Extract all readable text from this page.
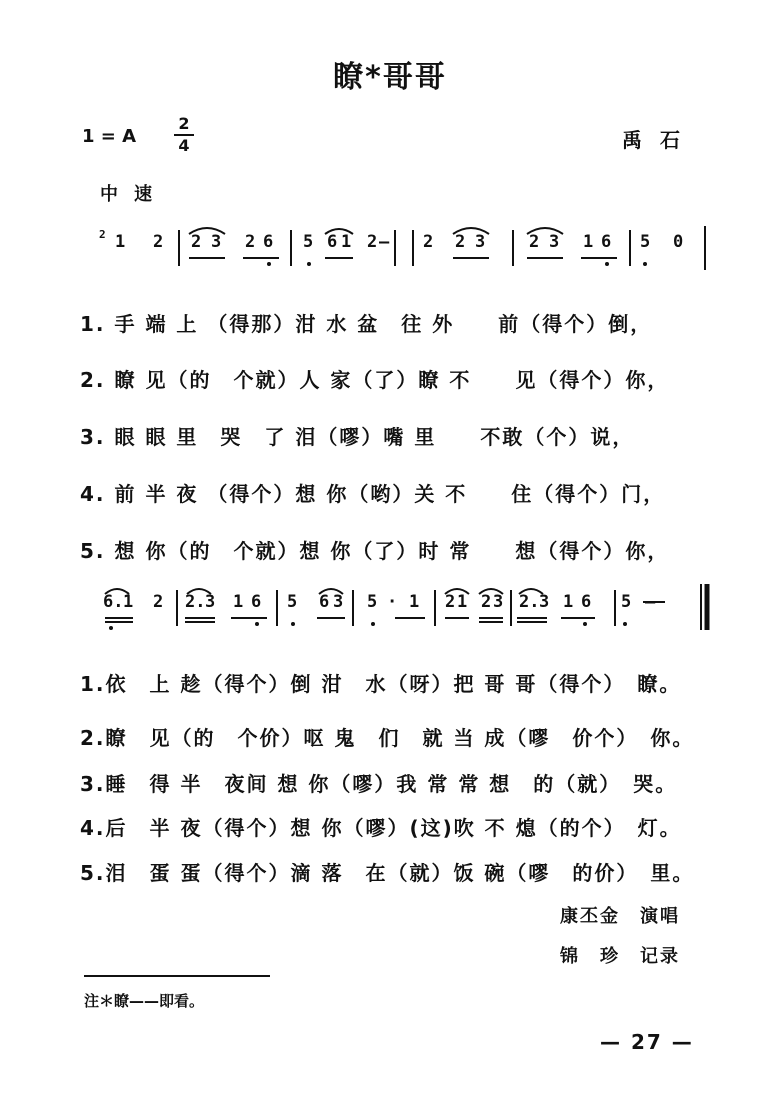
瞭*哥哥
1 = A
2
4	禹石
中速
2 1 2 2 3 2 6 5 6 1 2 — 2 2 3	2 3 1 6 5 0
1. 手 端 上 （得那）泔 水 盆　往 外　　前（得个）倒，
2. 瞭 见（的　个就）人 家（了）瞭 不　　见（得个）你，
3. 眼 眼 里　哭　了 泪（嘐）嘴 里　　不敢（个）说，
4. 前 半 夜 （得个）想 你（哟）关 不　　住（得个）门，
5. 想 你（的　个就）想 你（了）时 常　　想（得个）你，
6. 1 2 2. 3 1 6 5 6 3 5 · 1 2 1 2 3 2. 3 1 6 5 —
1.依　上 趁（得个）倒 泔　水（呀）把 哥 哥（得个）　瞭。
2.瞭　见（的　个价）呕 鬼　们　就 当 成（嘐　价个）　你。
3.睡　得 半　夜间 想 你（嘐）我 常 常 想　的（就）　哭。
4.后　半 夜（得个）想 你（嘐）(这)吹 不 熄（的个）　灯。
5.泪　蛋 蛋（得个）滴 落　在（就）饭 碗（嘐　的价）　里。
康丕金　演唱
锦　珍　记录
注＊瞭——即看。
— 27 —
